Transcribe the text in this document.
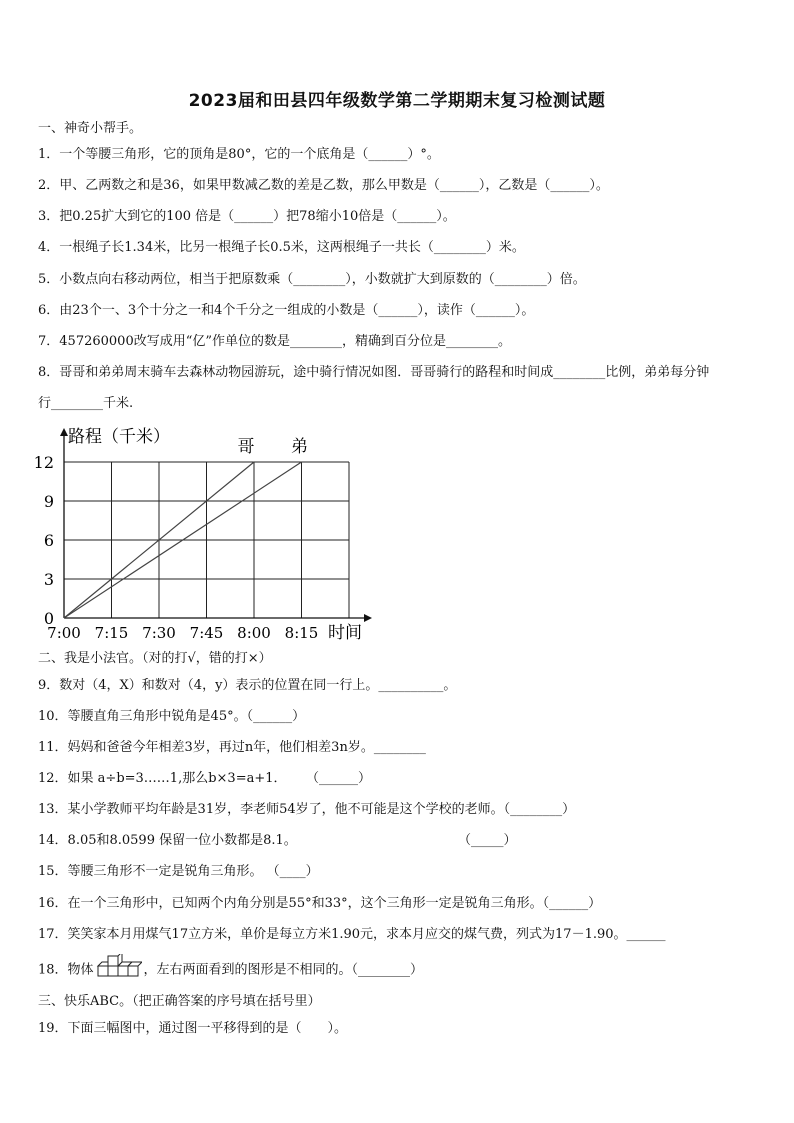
2023届和田县四年级数学第二学期期末复习检测试题
一、神奇小帮手。
1．一个等腰三角形，它的顶角是80°，它的一个底角是（______）°。
2．甲、乙两数之和是36，如果甲数减乙数的差是乙数，那么甲数是（______），乙数是（______）。
3．把0.25扩大到它的100 倍是（______）把78缩小10倍是（______）。
4．一根绳子长1.34米，比另一根绳子长0.5米，这两根绳子一共长（________）米。
5．小数点向右移动两位，相当于把原数乘（________），小数就扩大到原数的（________）倍。
6．由23个一、3个十分之一和4个千分之一组成的小数是（______），读作（______）。
7．457260000改写成用“亿”作单位的数是________，精确到百分位是________。
8．哥哥和弟弟周末骑车去森林动物园游玩，途中骑行情况如图．哥哥骑行的路程和时间成________比例，弟弟每分钟
行________千米.
0
3
6
9
12
7:00 7:15 7:30 7:45 8:00 8:15
哥 弟
路程（千米）
时间
二、我是小法官。（对的打√，错的打×）
9．数对（4，X）和数对（4，y）表示的位置在同一行上。__________。
10．等腰直角三角形中锐角是45°。（______）
11．妈妈和爸爸今年相差3岁，再过n年，他们相差3n岁。________
12．如果 a÷b=3……1,那么b×3=a+1． （______）
13．某小学教师平均年龄是31岁，李老师54岁了，他不可能是这个学校的老师。（________）
14．8.05和8.0599 保留一位小数都是8.1。	（_____）
15．等腰三角形不一定是锐角三角形。 （____）
16．在一个三角形中，已知两个内角分别是55°和33°，这个三角形一定是锐角三角形。（______）
17．笑笑家本月用煤气17立方米，单价是每立方米1.90元，求本月应交的煤气费，列式为17－1.90。______
18．物体	，左右两面看到的图形是不相同的。（________）
三、快乐ABC。（把正确答案的序号填在括号里）
19．下面三幅图中，通过图一平移得到的是（　　）。
